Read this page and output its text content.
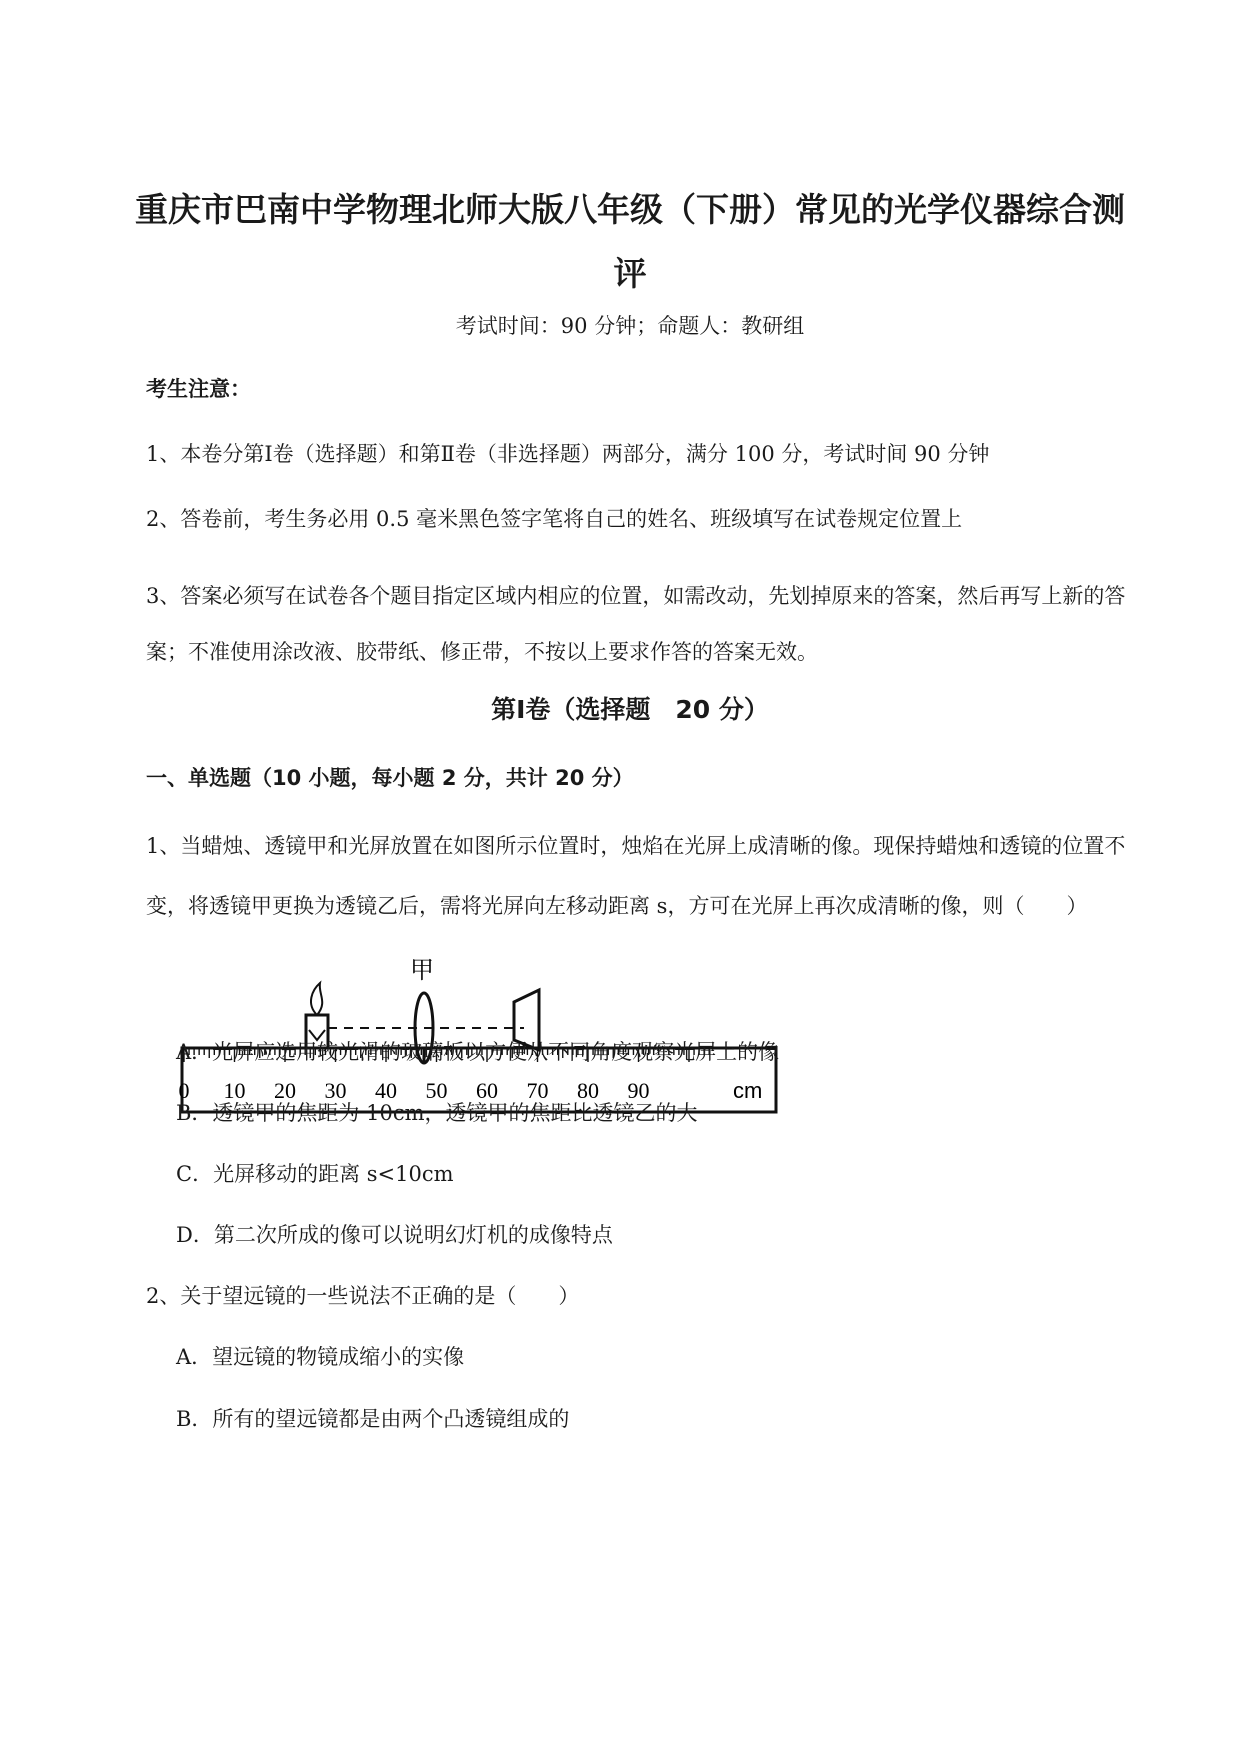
重庆市巴南中学物理北师大版八年级（下册）常见的光学仪器综合测评
考试时间：90 分钟；命题人：教研组
考生注意：
1、本卷分第Ⅰ卷（选择题）和第Ⅱ卷（非选择题）两部分，满分 100 分，考试时间 90 分钟
2、答卷前，考生务必用 0.5 毫米黑色签字笔将自己的姓名、班级填写在试卷规定位置上
3、答案必须写在试卷各个题目指定区域内相应的位置，如需改动，先划掉原来的答案，然后再写上新的答案；不准使用涂改液、胶带纸、修正带，不按以上要求作答的答案无效。
第Ⅰ卷（选择题　20 分）
一、单选题（10 小题，每小题 2 分，共计 20 分）
1、当蜡烛、透镜甲和光屏放置在如图所示位置时，烛焰在光屏上成清晰的像。现保持蜡烛和透镜的位置不变，将透镜甲更换为透镜乙后，需将光屏向左移动距离 s，方可在光屏上再次成清晰的像，则（　　）
0 10 20 30 40 50 60 70 80 90	cm
甲
A．光屏应选用较光滑的玻璃板以方便从不同角度观察光屏上的像
B．透镜甲的焦距为 10cm，透镜甲的焦距比透镜乙的大
C．光屏移动的距离 s<10cm
D．第二次所成的像可以说明幻灯机的成像特点
2、关于望远镜的一些说法不正确的是（　　）
A．望远镜的物镜成缩小的实像
B．所有的望远镜都是由两个凸透镜组成的
